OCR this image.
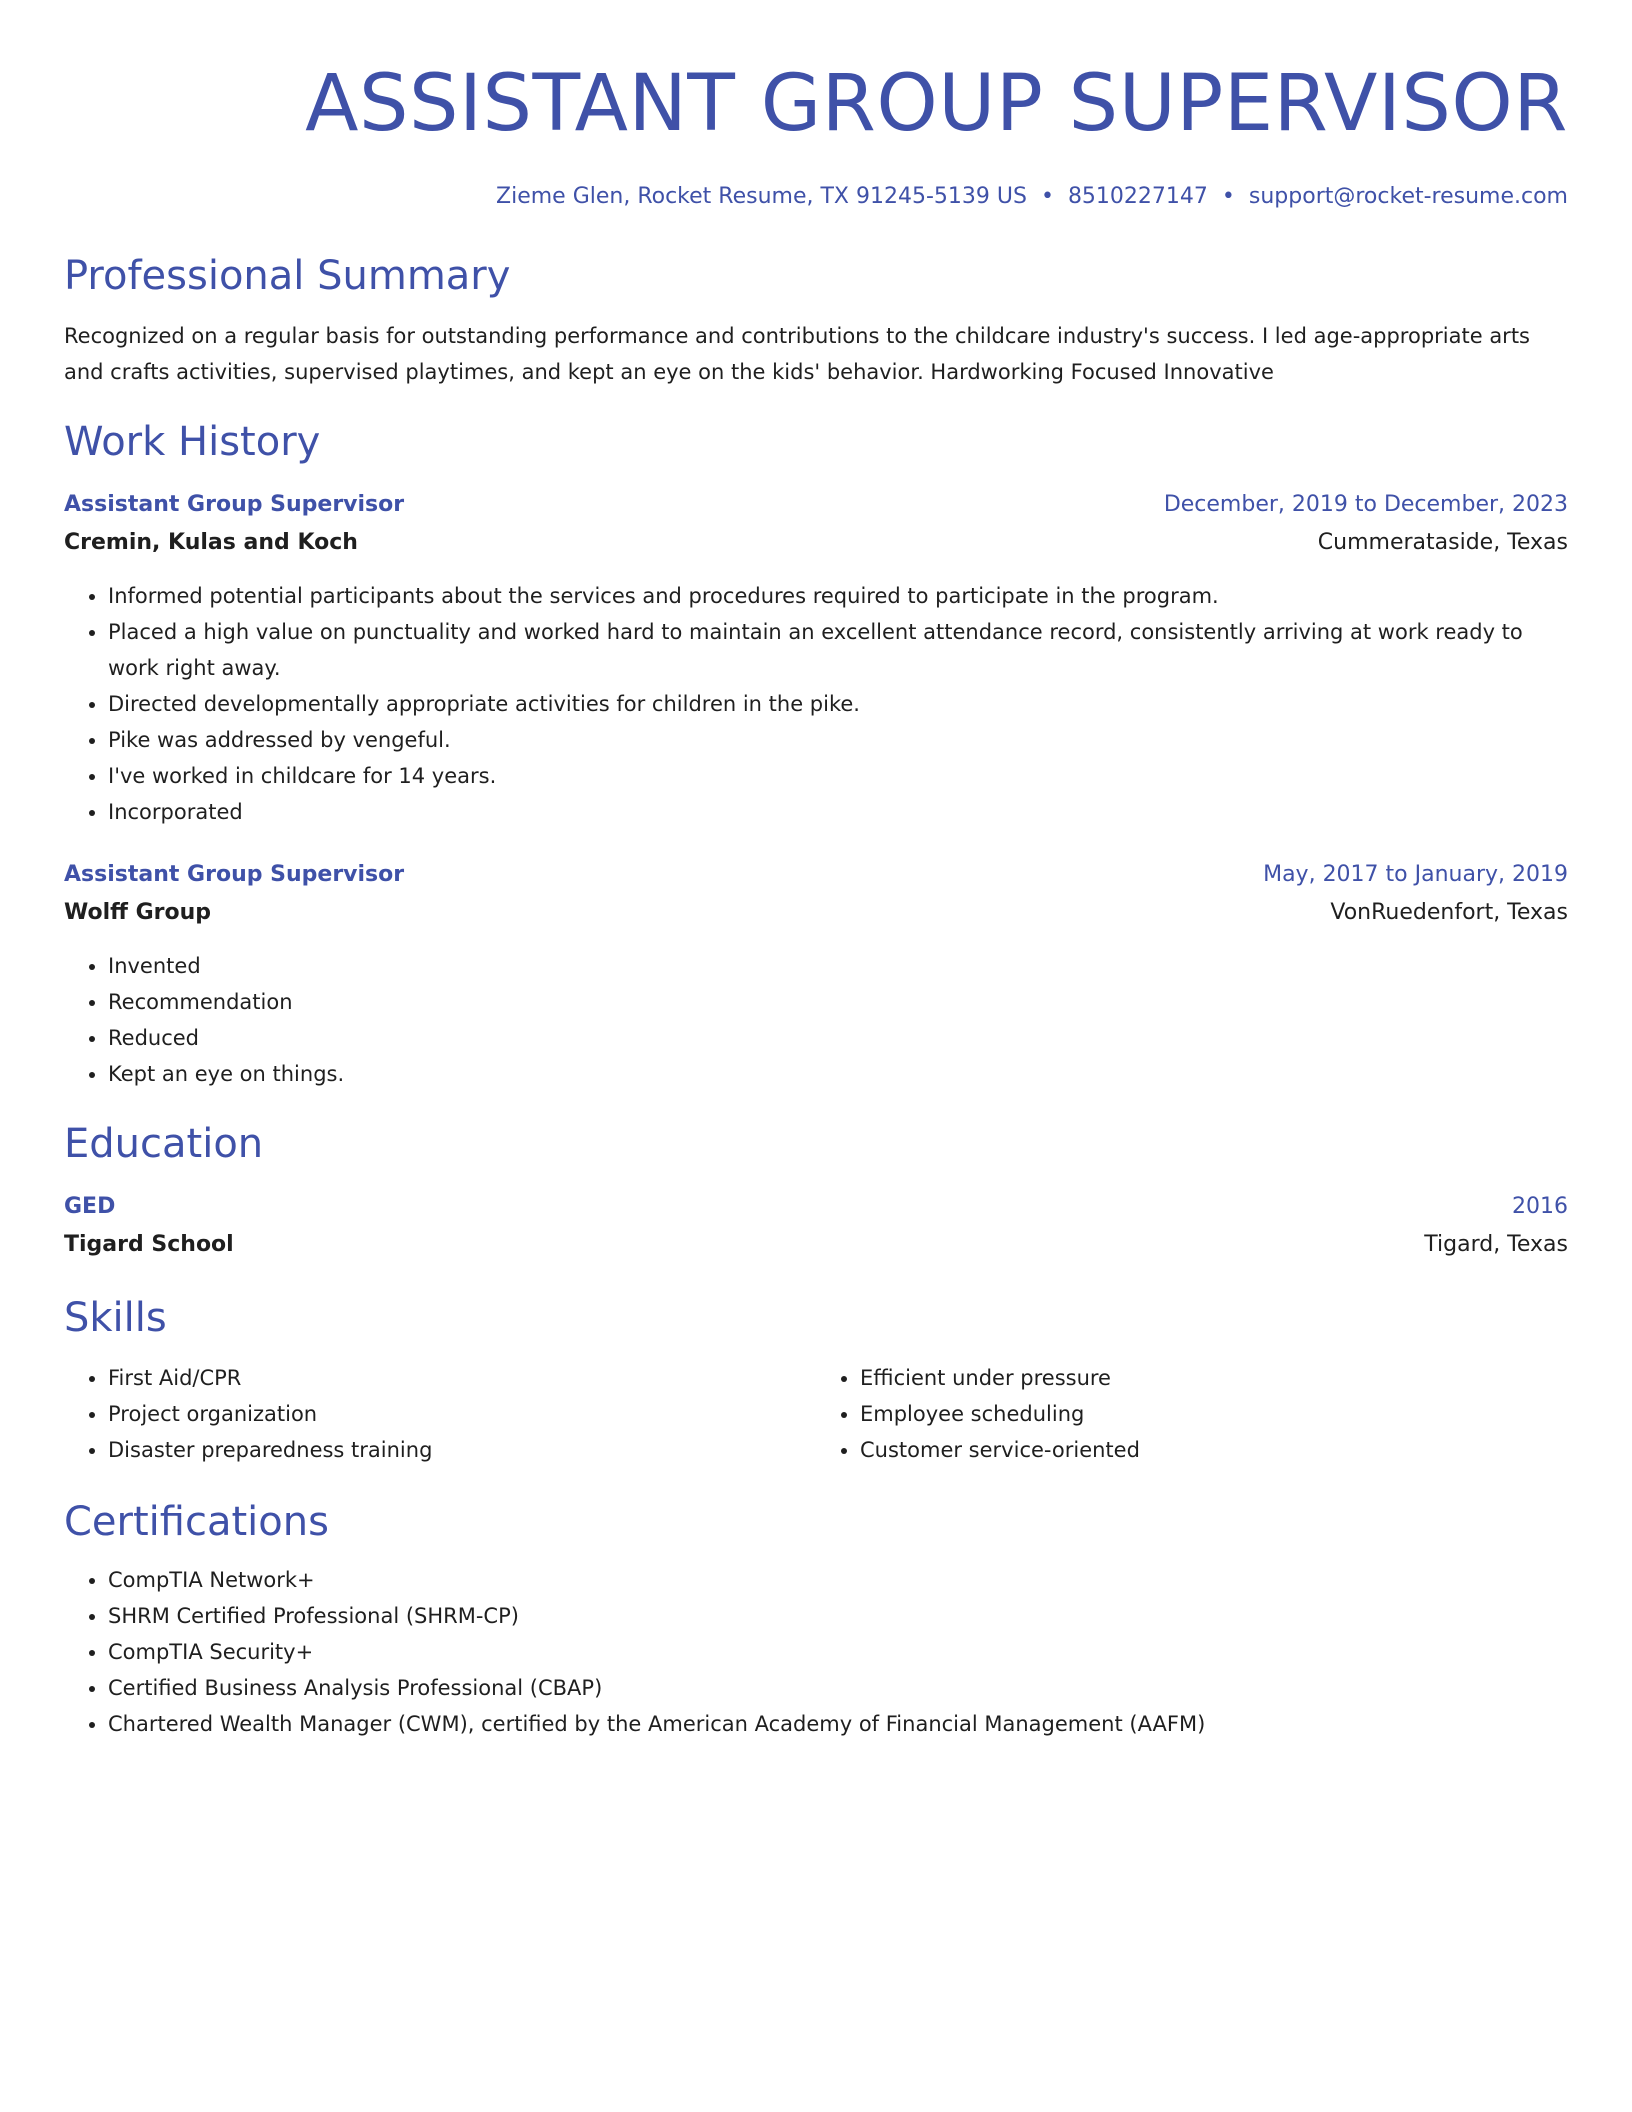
ASSISTANT GROUP SUPERVISOR
Zieme Glen, Rocket Resume, TX 91245-5139 US • 8510227147 • support@rocket-resume.com
Professional Summary
Recognized on a regular basis for outstanding performance and contributions to the childcare industry's success. I led age-appropriate arts and crafts activities, supervised playtimes, and kept an eye on the kids' behavior. Hardworking Focused Innovative
Work History
Assistant Group Supervisor	December, 2019 to December, 2023
Cremin, Kulas and Koch	Cummerataside, Texas
• Informed potential participants about the services and procedures required to participate in the program.
• Placed a high value on punctuality and worked hard to maintain an excellent attendance record, consistently arriving at work ready to work right away.
• Directed developmentally appropriate activities for children in the pike.
• Pike was addressed by vengeful.
• I've worked in childcare for 14 years.
• Incorporated
Assistant Group Supervisor	May, 2017 to January, 2019
Wolff Group	VonRuedenfort, Texas
• Invented
• Recommendation
• Reduced
• Kept an eye on things.
Education
GED	2016
Tigard School	Tigard, Texas
Skills
• First Aid/CPR
• Project organization
• Disaster preparedness training
• Efficient under pressure
• Employee scheduling
• Customer service-oriented
Certifications
• CompTIA Network+
• SHRM Certified Professional (SHRM-CP)
• CompTIA Security+
• Certified Business Analysis Professional (CBAP)
• Chartered Wealth Manager (CWM), certified by the American Academy of Financial Management (AAFM)
